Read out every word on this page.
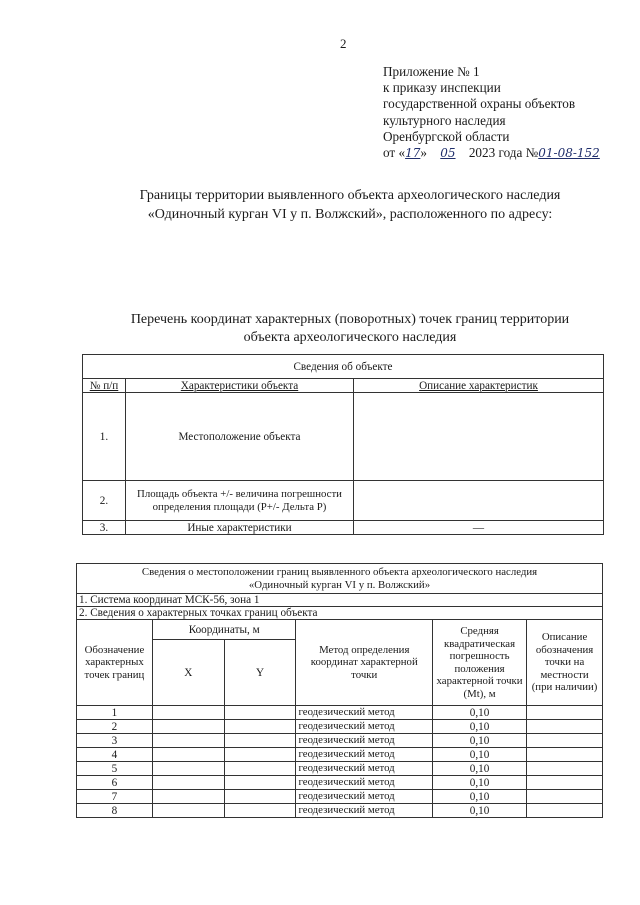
2
Приложение № 1
к приказу инспекции
государственной охраны объектов
культурного наследия
Оренбургской области
от «17» 05 2023 года №01-08-152
Границы территории выявленного объекта археологического наследия
«Одиночный курган VI у п. Волжский», расположенного по адресу:
Перечень координат характерных (поворотных) точек границ территории
объекта археологического наследия
Сведения об объекте		
№ п/п	Характеристики объекта	Описание характеристик
1.	Местоположение объекта	
2.	Площадь объекта +/- величина погрешности определения площади (P+/- Дельта P)	
3.	Иные характеристики	—
Сведения о местоположении границ выявленного объекта археологического наследия
«Одиночный курган VI у п. Волжский»					

1. Система координат МСК-56, зона 1					
2. Сведения о характерных точках границ объекта					
Обозначение характерных точек границ	Координаты, м		Метод определения координат характерной точки	Средняя квадратическая погрешность положения характерной точки (Mt), м	Описание обозначения точки на местности (при наличии)
	X	Y			
1			геодезический метод	0,10	
2			геодезический метод	0,10	
3			геодезический метод	0,10	
4			геодезический метод	0,10	
5			геодезический метод	0,10	
6			геодезический метод	0,10	
7			геодезический метод	0,10	
8			геодезический метод	0,10	
